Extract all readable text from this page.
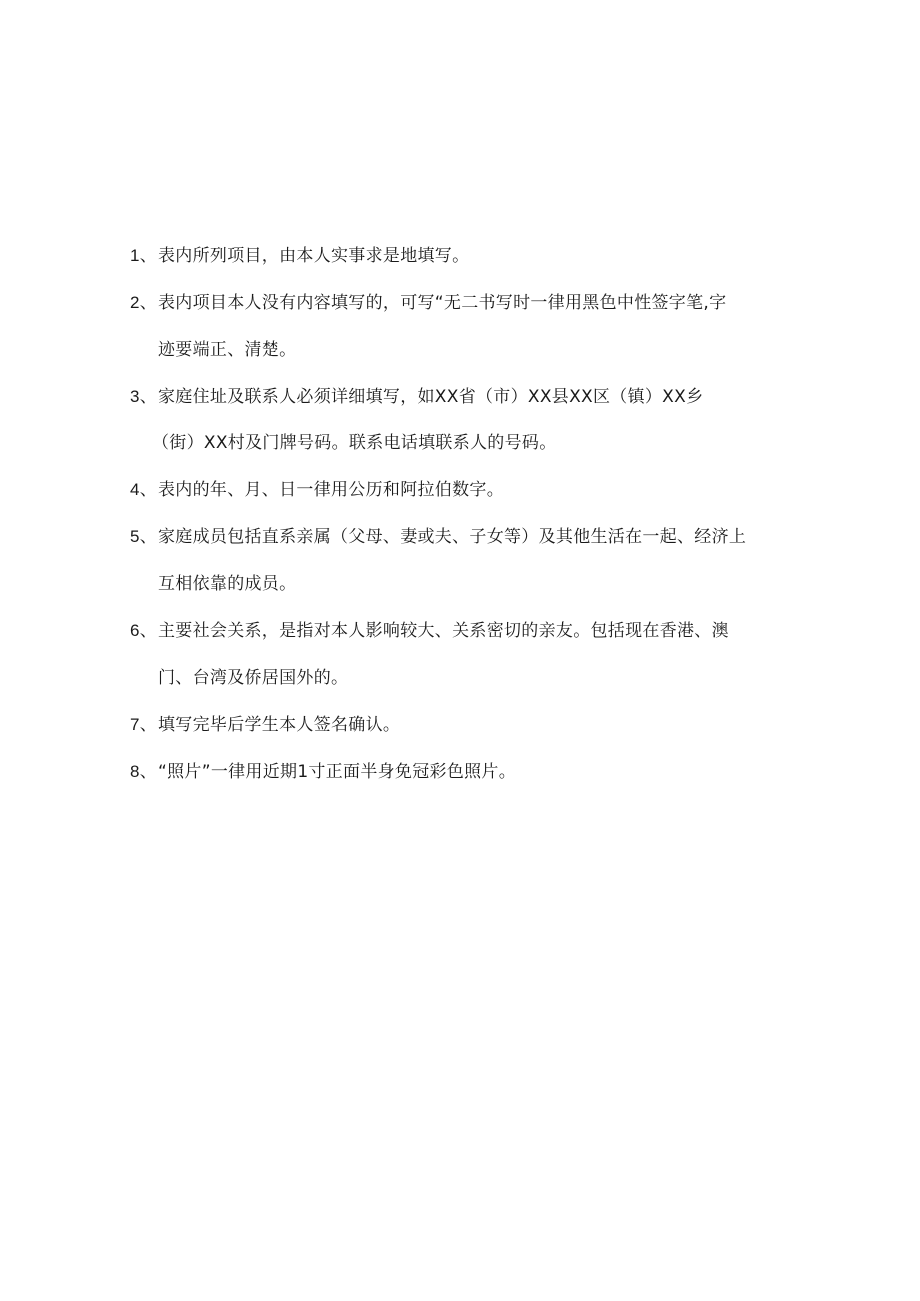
1、表内所列项目，由本人实事求是地填写。
2、表内项目本人没有内容填写的，可写“无二书写时一律用黑色中性签字笔,字
迹要端正、清楚。
3、家庭住址及联系人必须详细填写，如XX省（市）XX县XX区（镇）XX乡
（街）XX村及门牌号码。联系电话填联系人的号码。
4、表内的年、月、日一律用公历和阿拉伯数字。
5、家庭成员包括直系亲属（父母、妻或夫、子女等）及其他生活在一起、经济上
互相依靠的成员。
6、主要社会关系，是指对本人影响较大、关系密切的亲友。包括现在香港、澳
门、台湾及侨居国外的。
7、填写完毕后学生本人签名确认。
8、“照片”一律用近期1寸正面半身免冠彩色照片。
